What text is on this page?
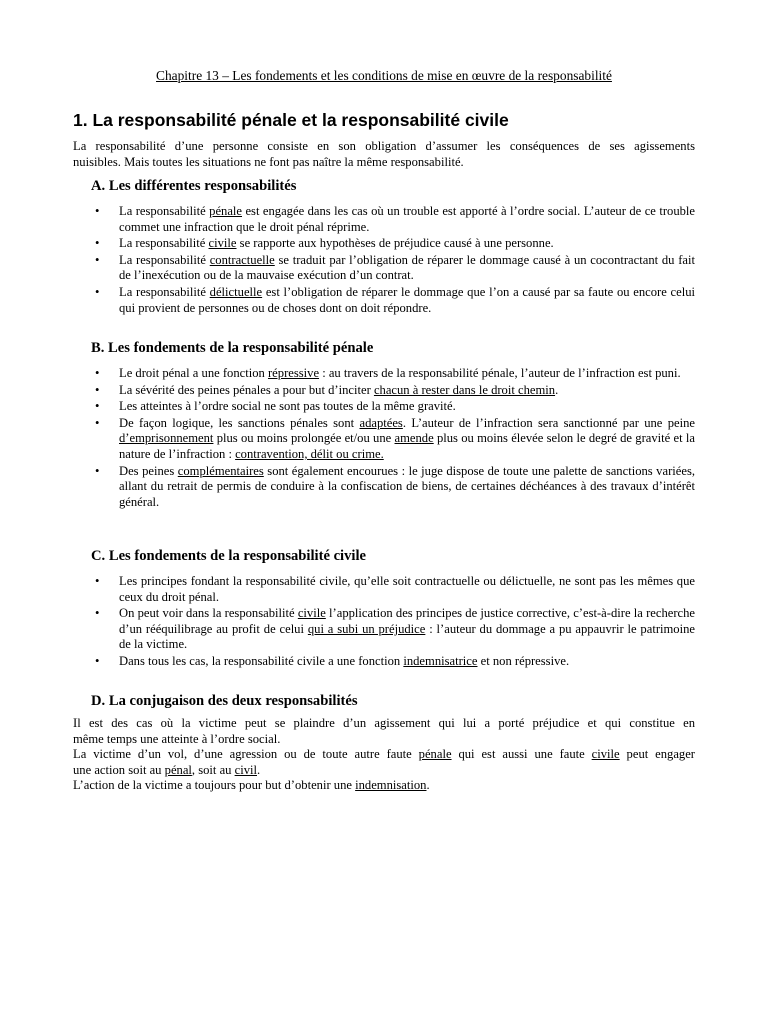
Chapitre 13 – Les fondements et les conditions de mise en œuvre de la responsabilité
1. La responsabilité pénale et la responsabilité civile
La responsabilité d’une personne consiste en son obligation d’assumer les conséquences de ses agissements
nuisibles. Mais toutes les situations ne font pas naître la même responsabilité.
A. Les différentes responsabilités
• La responsabilité pénale est engagée dans les cas où un trouble est apporté à l’ordre social. L’auteur de ce trouble commet une infraction que le droit pénal réprime.
• La responsabilité civile se rapporte aux hypothèses de préjudice causé à une personne.
• La responsabilité contractuelle se traduit par l’obligation de réparer le dommage causé à un cocontractant du fait de l’inexécution ou de la mauvaise exécution d’un contrat.
• La responsabilité délictuelle est l’obligation de réparer le dommage que l’on a causé par sa faute ou encore celui qui provient de personnes ou de choses dont on doit répondre.
B. Les fondements de la responsabilité pénale
• Le droit pénal a une fonction répressive : au travers de la responsabilité pénale, l’auteur de l’infraction est puni.
• La sévérité des peines pénales a pour but d’inciter chacun à rester dans le droit chemin.
• Les atteintes à l’ordre social ne sont pas toutes de la même gravité.
• De façon logique, les sanctions pénales sont adaptées. L’auteur de l’infraction sera sanctionné par une peine d’emprisonnement plus ou moins prolongée et/ou une amende plus ou moins élevée selon le degré de gravité et la nature de l’infraction : contravention, délit ou crime.
• Des peines complémentaires sont également encourues : le juge dispose de toute une palette de sanctions variées, allant du retrait de permis de conduire à la confiscation de biens, de certaines déchéances à des travaux d’intérêt général.
C. Les fondements de la responsabilité civile
• Les principes fondant la responsabilité civile, qu’elle soit contractuelle ou délictuelle, ne sont pas les mêmes que ceux du droit pénal.
• On peut voir dans la responsabilité civile l’application des principes de justice corrective, c’est-à-dire la recherche d’un rééquilibrage au profit de celui qui a subi un préjudice : l’auteur du dommage a pu appauvrir le patrimoine de la victime.
• Dans tous les cas, la responsabilité civile a une fonction indemnisatrice et non répressive.
D. La conjugaison des deux responsabilités
Il est des cas où la victime peut se plaindre d’un agissement qui lui a porté préjudice et qui constitue en
même temps une atteinte à l’ordre social.
La victime d’un vol, d’une agression ou de toute autre faute pénale qui est aussi une faute civile peut engager
une action soit au pénal, soit au civil.
L’action de la victime a toujours pour but d’obtenir une indemnisation.
